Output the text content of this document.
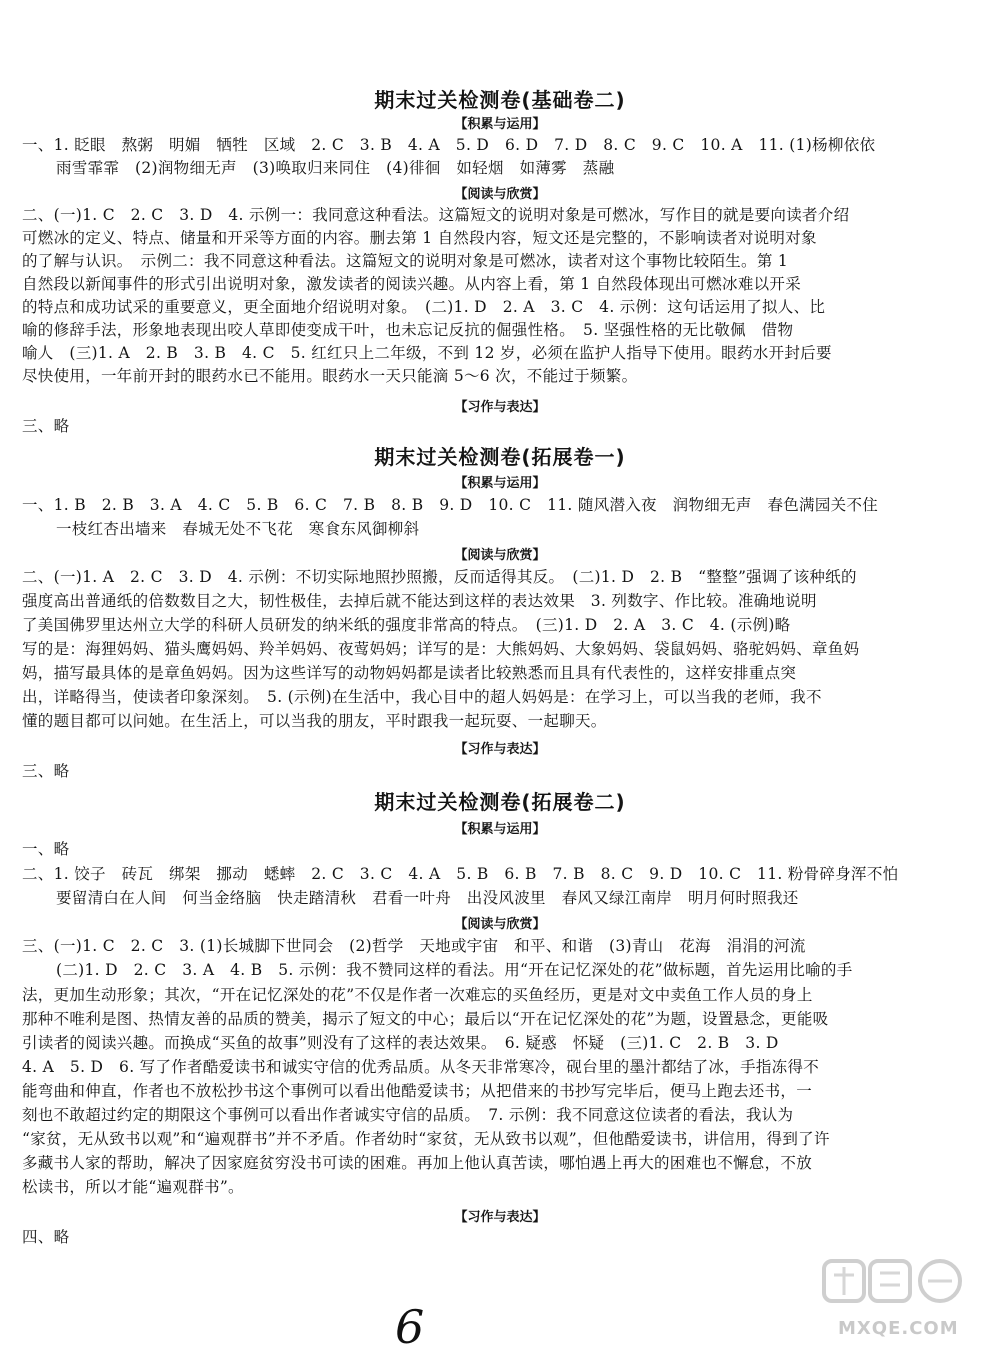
期末过关检测卷(基础卷二)
【积累与运用】
一、1. 眨眼　熬粥　明媚　牺牲　区域　2. C　3. B　4. A　5. D　6. D　7. D　8. C　9. C　10. A　11. (1)杨柳依依
雨雪霏霏　(2)润物细无声　(3)唤取归来同住　(4)徘徊　如轻烟　如薄雾　蒸融
【阅读与欣赏】
二、(一)1. C　2. C　3. D　4. 示例一：我同意这种看法。这篇短文的说明对象是可燃冰，写作目的就是要向读者介绍
可燃冰的定义、特点、储量和开采等方面的内容。删去第 1 自然段内容，短文还是完整的，不影响读者对说明对象
的了解与认识。　示例二：我不同意这种看法。这篇短文的说明对象是可燃冰，读者对这个事物比较陌生。第 1
自然段以新闻事件的形式引出说明对象，激发读者的阅读兴趣。从内容上看，第 1 自然段体现出可燃冰难以开采
的特点和成功试采的重要意义，更全面地介绍说明对象。　(二)1. D　2. A　3. C　4. 示例：这句话运用了拟人、比
喻的修辞手法，形象地表现出咬人草即使变成干叶，也未忘记反抗的倔强性格。　5. 坚强性格的无比敬佩　借物
喻人　(三)1. A　2. B　3. B　4. C　5. 红红只上二年级，不到 12 岁，必须在监护人指导下使用。眼药水开封后要
尽快使用，一年前开封的眼药水已不能用。眼药水一天只能滴 5～6 次，不能过于频繁。
【习作与表达】
三、略
期末过关检测卷(拓展卷一)
【积累与运用】
一、1. B　2. B　3. A　4. C　5. B　6. C　7. B　8. B　9. D　10. C　11. 随风潜入夜　润物细无声　春色满园关不住
一枝红杏出墙来　春城无处不飞花　寒食东风御柳斜
【阅读与欣赏】
二、(一)1. A　2. C　3. D　4. 示例：不切实际地照抄照搬，反而适得其反。　(二)1. D　2. B　“整整”强调了该种纸的
强度高出普通纸的倍数数目之大，韧性极佳，去掉后就不能达到这样的表达效果　3. 列数字、作比较。准确地说明
了美国佛罗里达州立大学的科研人员研发的纳米纸的强度非常高的特点。　(三)1. D　2. A　3. C　4. (示例)略
写的是：海狸妈妈、猫头鹰妈妈、羚羊妈妈、夜莺妈妈；详写的是：大熊妈妈、大象妈妈、袋鼠妈妈、骆驼妈妈、章鱼妈
妈，描写最具体的是章鱼妈妈。因为这些详写的动物妈妈都是读者比较熟悉而且具有代表性的，这样安排重点突
出，详略得当，使读者印象深刻。　5. (示例)在生活中，我心目中的超人妈妈是：在学习上，可以当我的老师，我不
懂的题目都可以问她。在生活上，可以当我的朋友，平时跟我一起玩耍、一起聊天。
【习作与表达】
三、略
期末过关检测卷(拓展卷二)
【积累与运用】
一、略
二、1. 饺子　砖瓦　绑架　挪动　蟋蟀　2. C　3. C　4. A　5. B　6. B　7. B　8. C　9. D　10. C　11. 粉骨碎身浑不怕
要留清白在人间　何当金络脑　快走踏清秋　君看一叶舟　出没风波里　春风又绿江南岸　明月何时照我还
【阅读与欣赏】
三、(一)1. C　2. C　3. (1)长城脚下世同会　(2)哲学　天地或宇宙　和平、和谐　(3)青山　花海　涓涓的河流
(二)1. D　2. C　3. A　4. B　5. 示例：我不赞同这样的看法。用“开在记忆深处的花”做标题，首先运用比喻的手
法，更加生动形象；其次，“开在记忆深处的花”不仅是作者一次难忘的买鱼经历，更是对文中卖鱼工作人员的身上
那种不唯利是图、热情友善的品质的赞美，揭示了短文的中心；最后以“开在记忆深处的花”为题，设置悬念，更能吸
引读者的阅读兴趣。而换成“买鱼的故事”则没有了这样的表达效果。　6. 疑惑　怀疑　(三)1. C　2. B　3. D
4. A　5. D　6. 写了作者酷爱读书和诚实守信的优秀品质。从冬天非常寒冷，砚台里的墨汁都结了冰，手指冻得不
能弯曲和伸直，作者也不放松抄书这个事例可以看出他酷爱读书；从把借来的书抄写完毕后，便马上跑去还书，一
刻也不敢超过约定的期限这个事例可以看出作者诚实守信的品质。　7. 示例：我不同意这位读者的看法，我认为
“家贫，无从致书以观”和“遍观群书”并不矛盾。作者幼时“家贫，无从致书以观”，但他酷爱读书，讲信用，得到了许
多藏书人家的帮助，解决了因家庭贫穷没书可读的困难。再加上他认真苦读，哪怕遇上再大的困难也不懈怠，不放
松读书，所以才能“遍观群书”。
【习作与表达】
四、略
6	MXQE.COM
